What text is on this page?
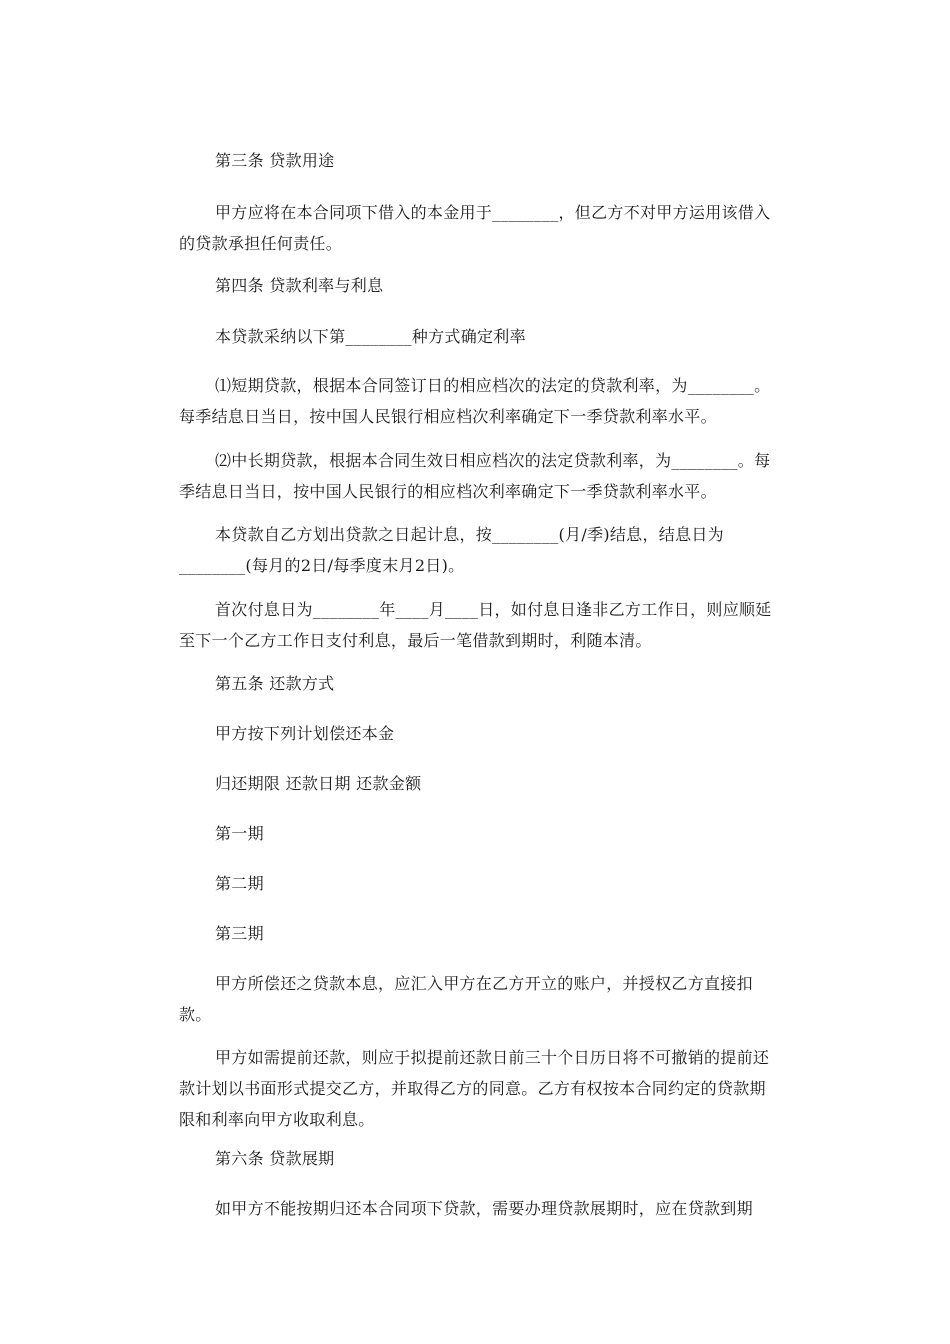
第三条 贷款用途
甲方应将在本合同项下借入的本金用于________，但乙方不对甲方运用该借入的贷款承担任何责任。
第四条 贷款利率与利息
本贷款采纳以下第________种方式确定利率
⑴短期贷款，根据本合同签订日的相应档次的法定的贷款利率，为________。每季结息日当日，按中国人民银行相应档次利率确定下一季贷款利率水平。
⑵中长期贷款，根据本合同生效日相应档次的法定贷款利率，为________。每季结息日当日，按中国人民银行的相应档次利率确定下一季贷款利率水平。
本贷款自乙方划出贷款之日起计息，按________(月/季)结息，结息日为________(每月的2日/每季度末月2日)。
首次付息日为________年____月____日，如付息日逢非乙方工作日，则应顺延至下一个乙方工作日支付利息，最后一笔借款到期时，利随本清。
第五条 还款方式
甲方按下列计划偿还本金
归还期限 还款日期 还款金额
第一期
第二期
第三期
甲方所偿还之贷款本息，应汇入甲方在乙方开立的账户，并授权乙方直接扣款。
甲方如需提前还款，则应于拟提前还款日前三十个日历日将不可撤销的提前还款计划以书面形式提交乙方，并取得乙方的同意。乙方有权按本合同约定的贷款期限和利率向甲方收取利息。
第六条 贷款展期
如甲方不能按期归还本合同项下贷款，需要办理贷款展期时，应在贷款到期
